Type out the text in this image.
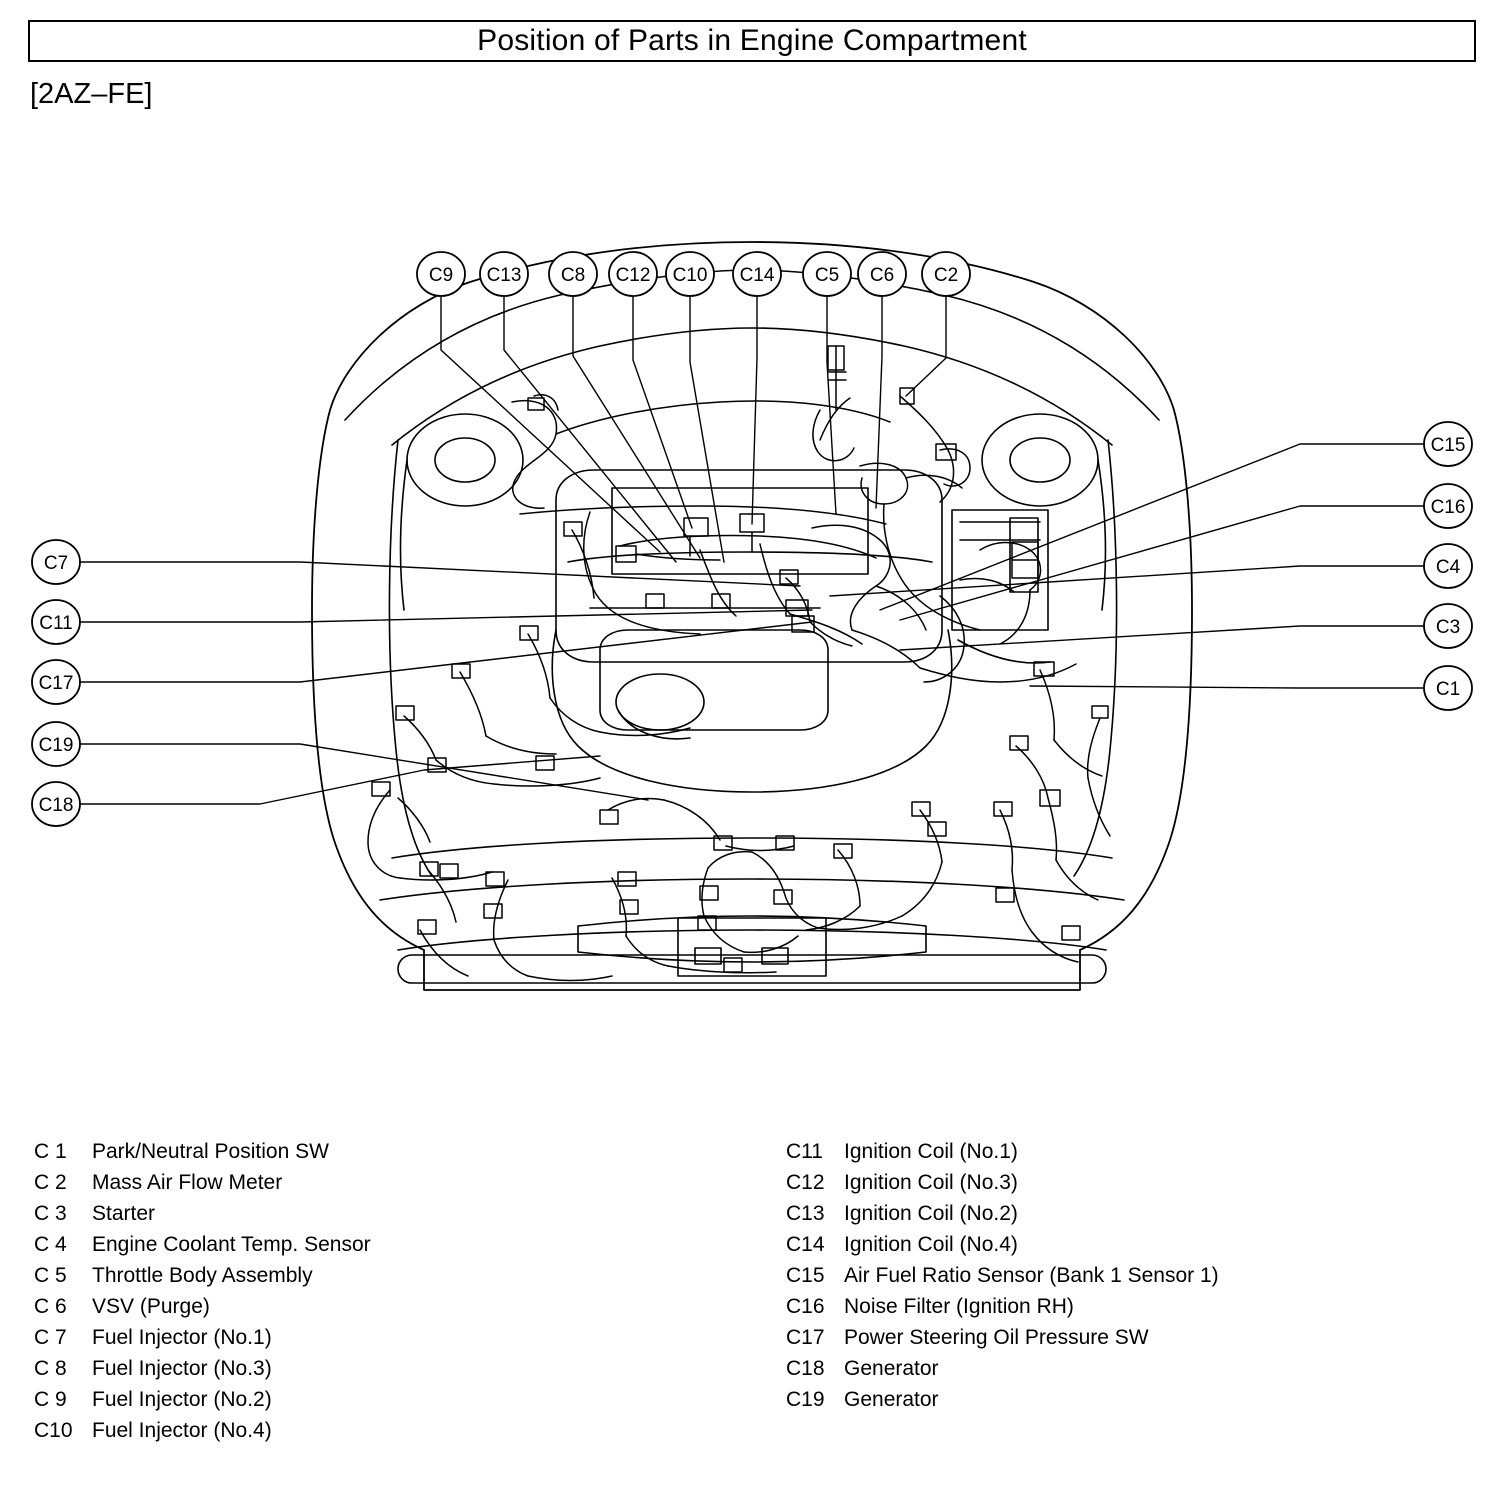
Position of Parts in Engine Compartment
[2AZ–FE]
C9 C13 C8 C12 C10 C14 C5 C6 C2
C7
C11
C17
C19
C18
C15
C16
C4
C3
C1
C 1	Park/Neutral Position SW
C 2	Mass Air Flow Meter
C 3	Starter
C 4	Engine Coolant Temp. Sensor
C 5	Throttle Body Assembly
C 6	VSV (Purge)
C 7	Fuel Injector (No.1)
C 8	Fuel Injector (No.3)
C 9	Fuel Injector (No.2)
C10 Fuel Injector (No.4)
C11	Ignition Coil (No.1)
C12 Ignition Coil (No.3)
C13 Ignition Coil (No.2)
C14 Ignition Coil (No.4)
C15 Air Fuel Ratio Sensor (Bank 1 Sensor 1)
C16 Noise Filter (Ignition RH)
C17 Power Steering Oil Pressure SW
C18 Generator
C19 Generator
